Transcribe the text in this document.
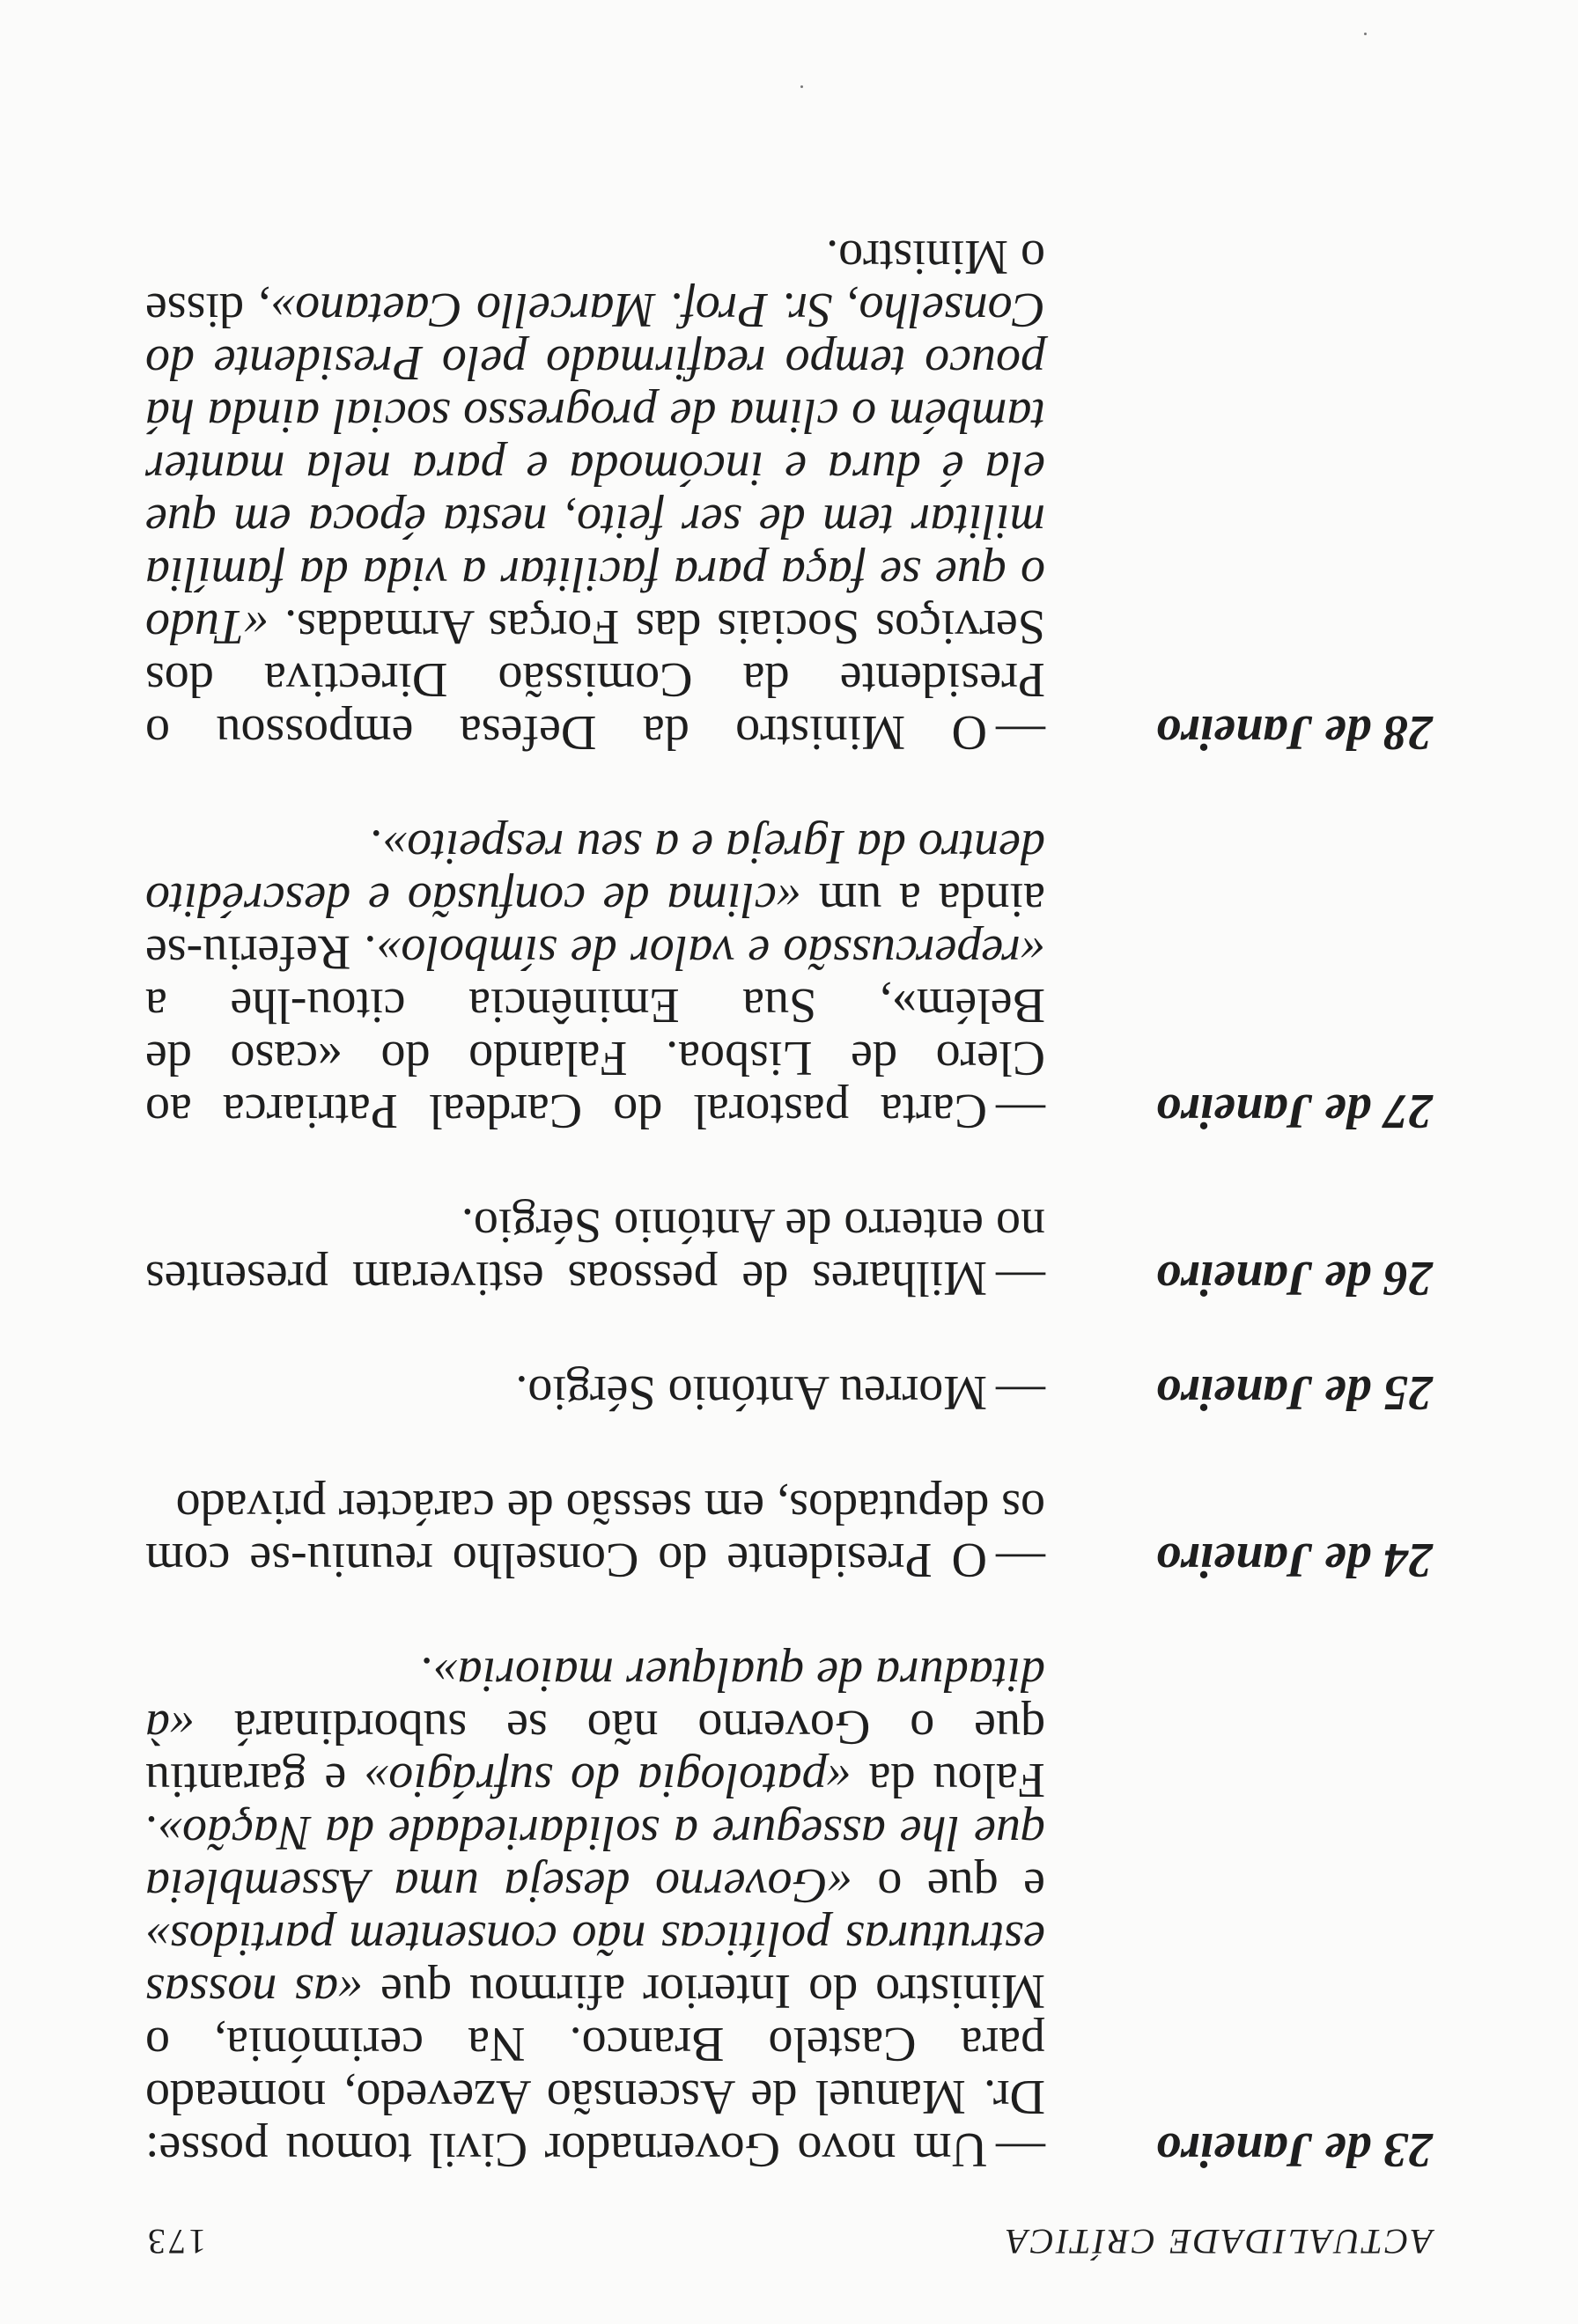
ACTUALIDADE CRÍTICA
173
23 de Janeiro
—Um novo Governador Civil tomou posse: Dr. Manuel de Ascensão Azevedo, nomeado para Castelo Branco. Na cerimónia, o Ministro do Interior afirmou que «as nossas estruturas políticas não consentem partidos» e que o «Governo deseja uma Assembleia que lhe assegure a solidariedade da Nação». Falou da «patologia do sufrágio» e garantiu que o Governo não se subordinará «à ditadura de qualquer maioria».
24 de Janeiro
—O Presidente do Conselho reuniu-se com os deputados, em sessão de carácter privado
25 de Janeiro
—Morreu António Sérgio.
26 de Janeiro
—Milhares de pessoas estiveram presentes no enterro de António Sérgio.
27 de Janeiro
—Carta pastoral do Cardeal Patriarca ao Clero de Lisboa. Falando do «caso de Belém», Sua Eminência citou-lhe a «repercussão e valor de símbolo». Referiu-se ainda a um «clima de confusão e descrédito dentro da Igreja e a seu respeito».
28 de Janeiro
—O Ministro da Defesa empossou o Presidente da Comissão Directiva dos Serviços Sociais das Forças Armadas. «Tudo o que se faça para facilitar a vida da família militar tem de ser feito, nesta época em que ela é dura e incómoda e para nela manter também o clima de progresso social ainda há pouco tempo reafirmado pelo Presidente do Conselho, Sr. Prof. Marcello Caetano», disse o Ministro.
